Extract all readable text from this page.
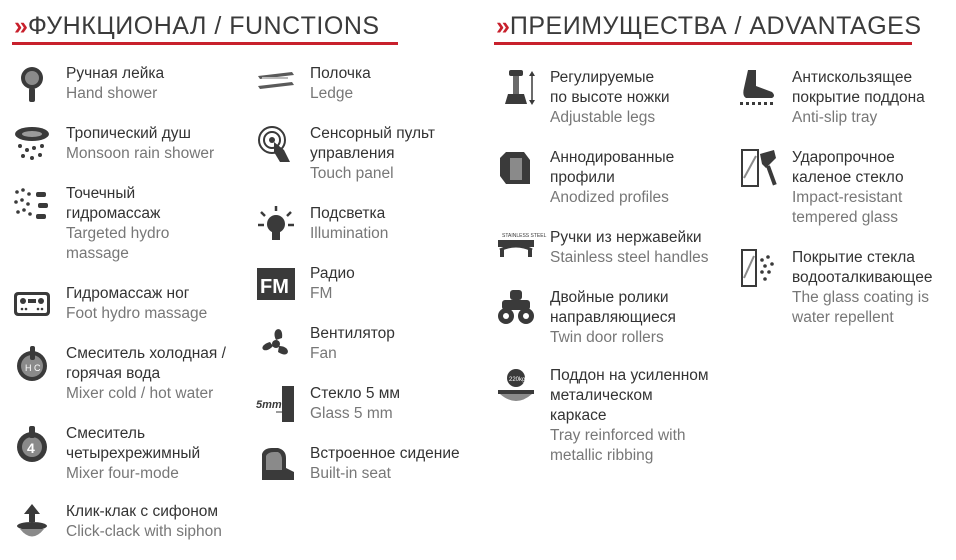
» ФУНКЦИОНАЛ / FUNCTIONS	» ПРЕИМУЩЕСТВА / ADVANTAGES
Ручная лейка
Hand shower
Тропический душ
Monsoon rain shower
Точечный
гидромассаж
Targeted hydro
massage
Гидромассаж ног
Foot hydro massage
H C
Смеситель холодная /
горячая вода
Mixer cold / hot water
4
Смеситель
четырехрежимный
Mixer four-mode
Клик-клак с сифоном
Click-clack with siphon
Полочка
Ledge
Сенсорный пульт
управления
Touch panel
Подсветка
Illumination
FM
Радио
FM
Вентилятор
Fan
5mm
Стекло 5 мм
Glass 5 mm
Встроенное сидение
Built-in seat
Регулируемые
по высоте ножки
Adjustable legs
Аннодированные
профили
Anodized profiles
STAINLESS STEEL Ручки из нержавейки
Stainless steel handles
Двойные ролики
направляющиеся
Twin door rollers
220kg Поддон на усиленном
металическом
каркасе
Tray reinforced with
metallic ribbing
Антискользящее
покрытие поддона
Anti-slip tray
Ударопрочное
каленое стекло
Impact-resistant
tempered glass
Покрытие стекла
водооталкивающее
The glass coating is
water repellent
